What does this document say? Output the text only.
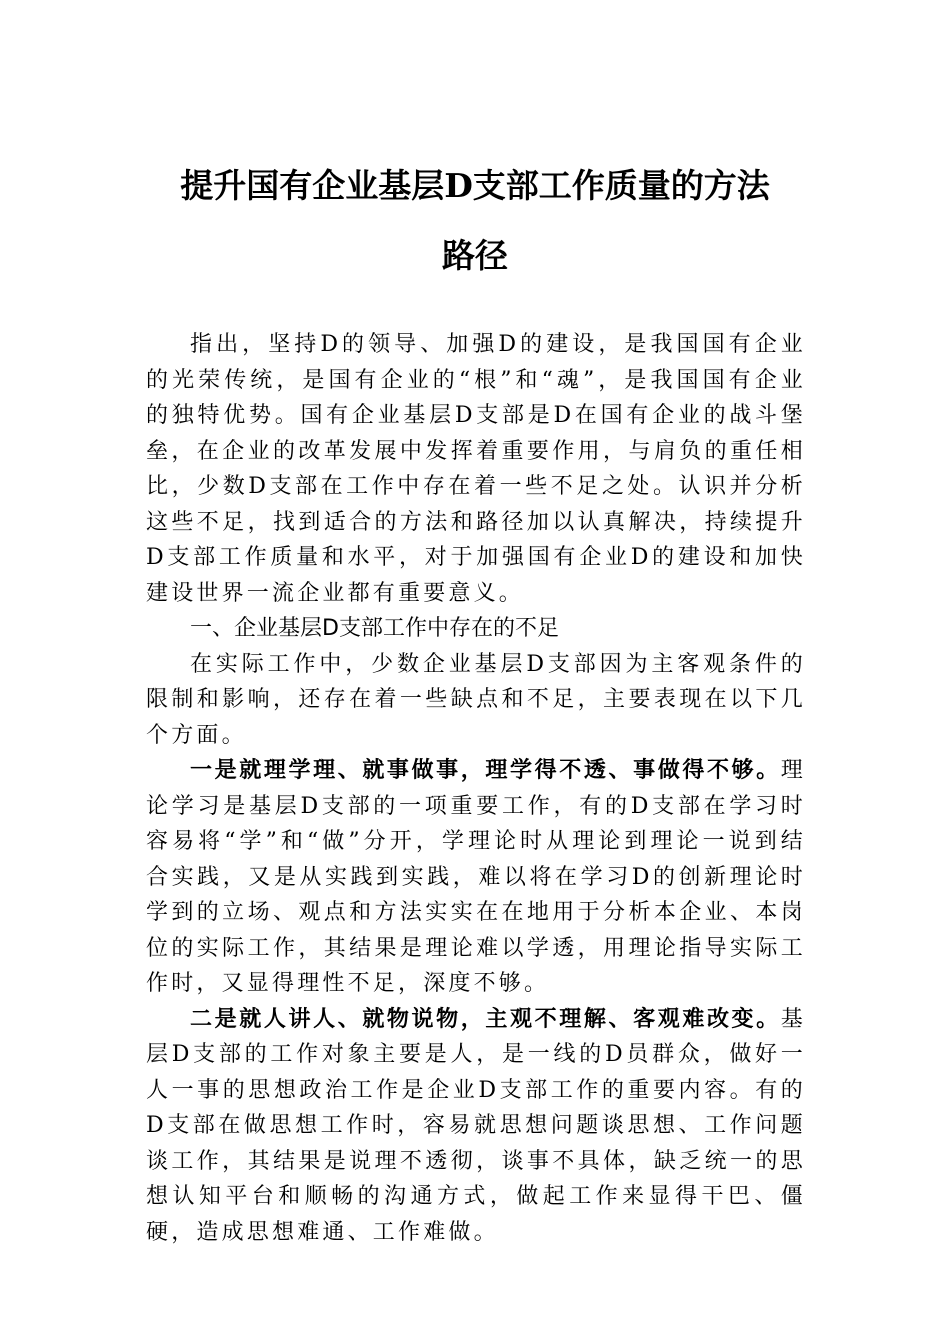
提升国有企业基层D支部工作质量的方法
路径

指出，坚持D的领导、加强D的建设，是我国国有企业的光荣传统，是国有企业的“根”和“魂”，是我国国有企业的独特优势。国有企业基层D支部是D在国有企业的战斗堡垒，在企业的改革发展中发挥着重要作用，与肩负的重任相比，少数D支部在工作中存在着一些不足之处。认识并分析这些不足，找到适合的方法和路径加以认真解决，持续提升D支部工作质量和水平，对于加强国有企业D的建设和加快建设世界一流企业都有重要意义。

一、企业基层D支部工作中存在的不足

在实际工作中，少数企业基层D支部因为主客观条件的限制和影响，还存在着一些缺点和不足，主要表现在以下几个方面。

一是就理学理、就事做事，理学得不透、事做得不够。理论学习是基层D支部的一项重要工作，有的D支部在学习时容易将“学”和“做”分开，学理论时从理论到理论一说到结合实践，又是从实践到实践，难以将在学习D的创新理论时学到的立场、观点和方法实实在在地用于分析本企业、本岗位的实际工作，其结果是理论难以学透，用理论指导实际工作时，又显得理性不足，深度不够。

二是就人讲人、就物说物，主观不理解、客观难改变。基层D支部的工作对象主要是人，是一线的D员群众，做好一人一事的思想政治工作是企业D支部工作的重要内容。有的D支部在做思想工作时，容易就思想问题谈思想、工作问题谈工作，其结果是说理不透彻，谈事不具体，缺乏统一的思想认知平台和顺畅的沟通方式，做起工作来显得干巴、僵硬，造成思想难通、工作难做。
